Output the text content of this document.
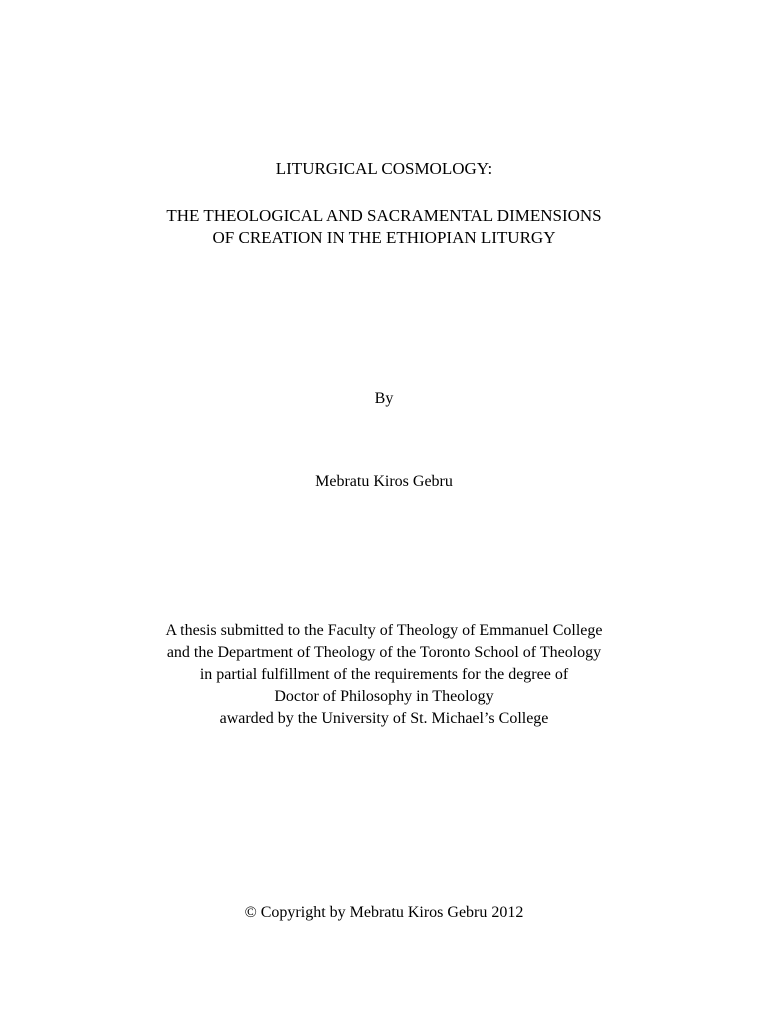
LITURGICAL COSMOLOGY:
THE THEOLOGICAL AND SACRAMENTAL DIMENSIONS
OF CREATION IN THE ETHIOPIAN LITURGY
By
Mebratu Kiros Gebru
A thesis submitted to the Faculty of Theology of Emmanuel College
and the Department of Theology of the Toronto School of Theology
in partial fulfillment of the requirements for the degree of
Doctor of Philosophy in Theology
awarded by the University of St. Michael’s College
© Copyright by Mebratu Kiros Gebru 2012
